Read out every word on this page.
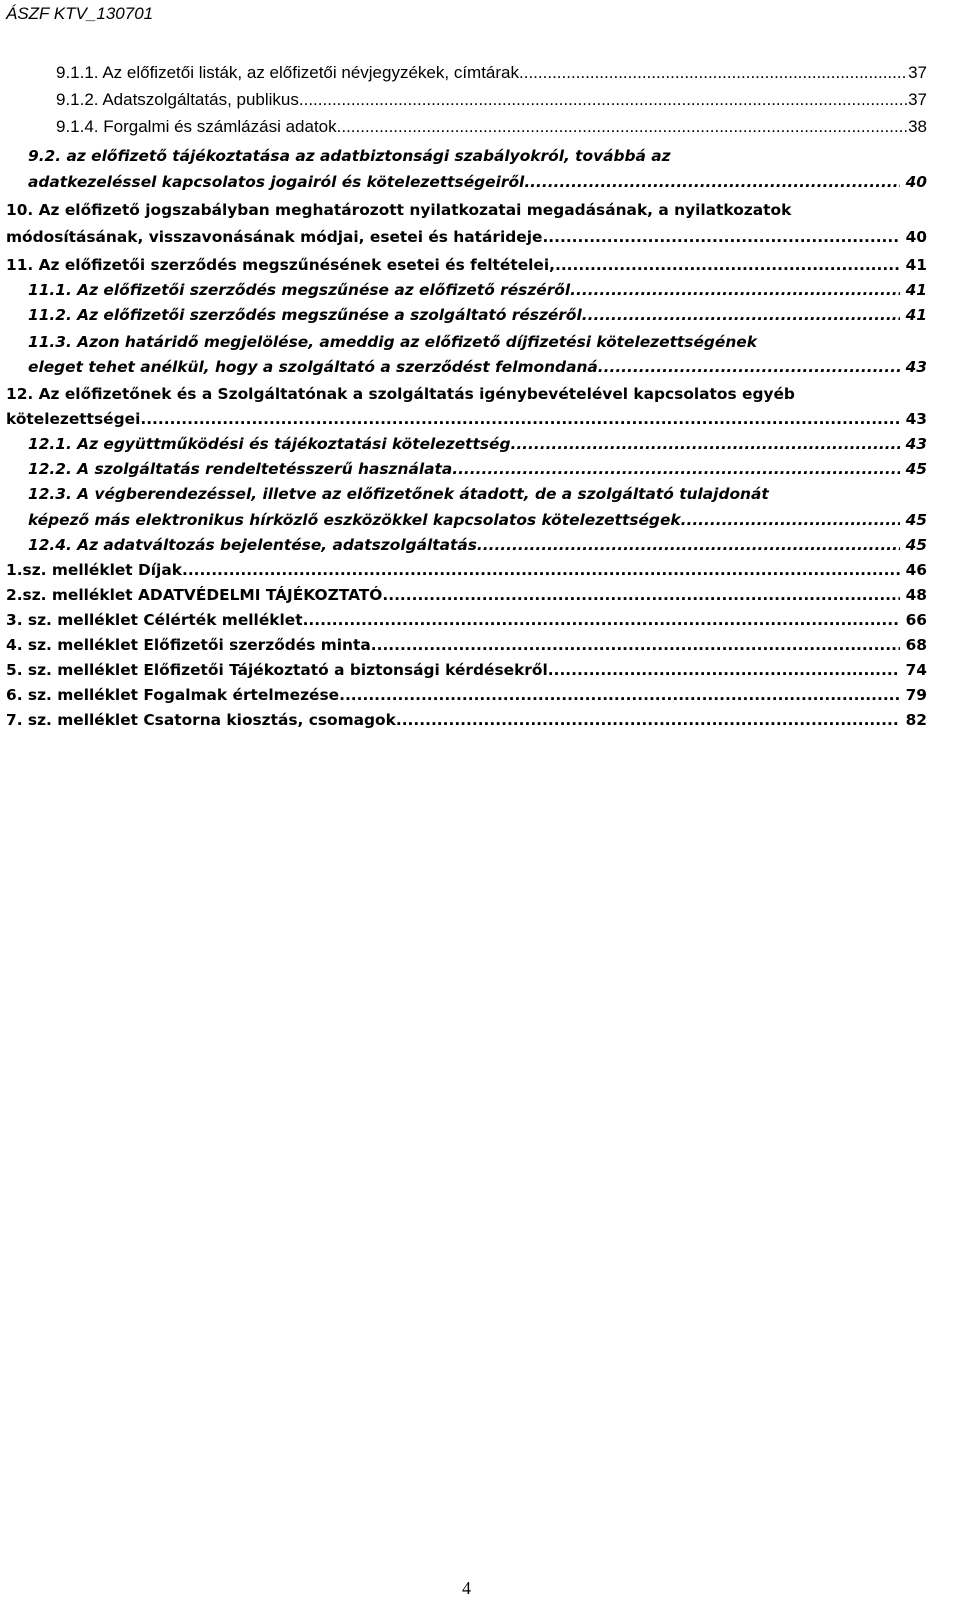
ÁSZF KTV_130701
9.1.1. Az előfizetői listák, az előfizetői névjegyzékek, címtárak .....	37
9.1.2. Adatszolgáltatás, publikus .....	37
9.1.4. Forgalmi és számlázási adatok .....	38
9.2. az előfizető tájékoztatása az adatbiztonsági szabályokról, továbbá az
adatkezeléssel kapcsolatos jogairól és kötelezettségeiről .....	40
10. Az előfizető jogszabályban meghatározott nyilatkozatai megadásának, a nyilatkozatok
módosításának, visszavonásának módjai, esetei és határideje .....	40
11. Az előfizetői szerződés megszűnésének esetei és feltételei, .....	41
11.1. Az előfizetői szerződés megszűnése az előfizető részéről .....	41
11.2. Az előfizetői szerződés megszűnése a szolgáltató részéről .....	41
11.3. Azon határidő megjelölése, ameddig az előfizető díjfizetési kötelezettségének
eleget tehet anélkül, hogy a szolgáltató a szerződést felmondaná .....	43
12. Az előfizetőnek és a Szolgáltatónak a szolgáltatás igénybevételével kapcsolatos egyéb
kötelezettségei .....	43
12.1. Az együttműködési és tájékoztatási kötelezettség .....	43
12.2. A szolgáltatás rendeltetésszerű használata .....	45
12.3. A végberendezéssel, illetve az előfizetőnek átadott, de a szolgáltató tulajdonát
képező más elektronikus hírközlő eszközökkel kapcsolatos kötelezettségek .....	45
12.4. Az adatváltozás bejelentése, adatszolgáltatás .....	45
1.sz. melléklet Díjak .....	46
2.sz. melléklet ADATVÉDELMI TÁJÉKOZTATÓ .....	48
3. sz. melléklet Célérték melléklet .....	66
4. sz. melléklet Előfizetői szerződés minta .....	68
5. sz. melléklet Előfizetői Tájékoztató a biztonsági kérdésekről .....	74
6. sz. melléklet Fogalmak értelmezése .....	79
7. sz. melléklet Csatorna kiosztás, csomagok .....	82
4
